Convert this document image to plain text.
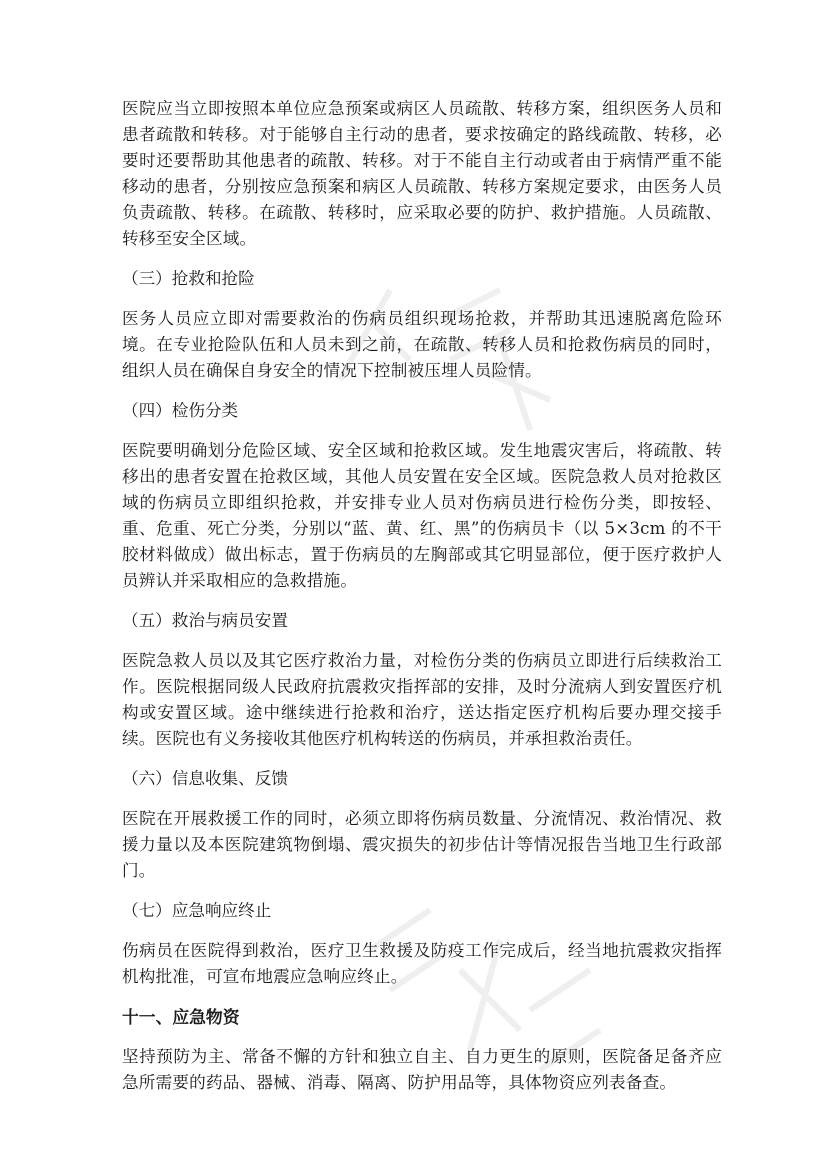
医院应当立即按照本单位应急预案或病区人员疏散、转移方案，组织医务人员和患者疏散和转移。对于能够自主行动的患者，要求按确定的路线疏散、转移，必要时还要帮助其他患者的疏散、转移。对于不能自主行动或者由于病情严重不能移动的患者，分别按应急预案和病区人员疏散、转移方案规定要求，由医务人员负责疏散、转移。在疏散、转移时，应采取必要的防护、救护措施。人员疏散、转移至安全区域。

（三）抢救和抢险

医务人员应立即对需要救治的伤病员组织现场抢救，并帮助其迅速脱离危险环境。在专业抢险队伍和人员未到之前，在疏散、转移人员和抢救伤病员的同时，组织人员在确保自身安全的情况下控制被压埋人员险情。

（四）检伤分类

医院要明确划分危险区域、安全区域和抢救区域。发生地震灾害后，将疏散、转移出的患者安置在抢救区域，其他人员安置在安全区域。医院急救人员对抢救区域的伤病员立即组织抢救，并安排专业人员对伤病员进行检伤分类，即按轻、重、危重、死亡分类，分别以“蓝、黄、红、黑”的伤病员卡（以 5×3cm 的不干胶材料做成）做出标志，置于伤病员的左胸部或其它明显部位，便于医疗救护人员辨认并采取相应的急救措施。

（五）救治与病员安置

医院急救人员以及其它医疗救治力量，对检伤分类的伤病员立即进行后续救治工作。医院根据同级人民政府抗震救灾指挥部的安排，及时分流病人到安置医疗机构或安置区域。途中继续进行抢救和治疗，送达指定医疗机构后要办理交接手续。医院也有义务接收其他医疗机构转送的伤病员，并承担救治责任。

（六）信息收集、反馈

医院在开展救援工作的同时，必须立即将伤病员数量、分流情况、救治情况、救援力量以及本医院建筑物倒塌、震灾损失的初步估计等情况报告当地卫生行政部门。

（七）应急响应终止

伤病员在医院得到救治，医疗卫生救援及防疫工作完成后，经当地抗震救灾指挥机构批准，可宣布地震应急响应终止。

十一、应急物资

坚持预防为主、常备不懈的方针和独立自主、自力更生的原则，医院备足备齐应急所需要的药品、器械、消毒、隔离、防护用品等，具体物资应列表备查。
